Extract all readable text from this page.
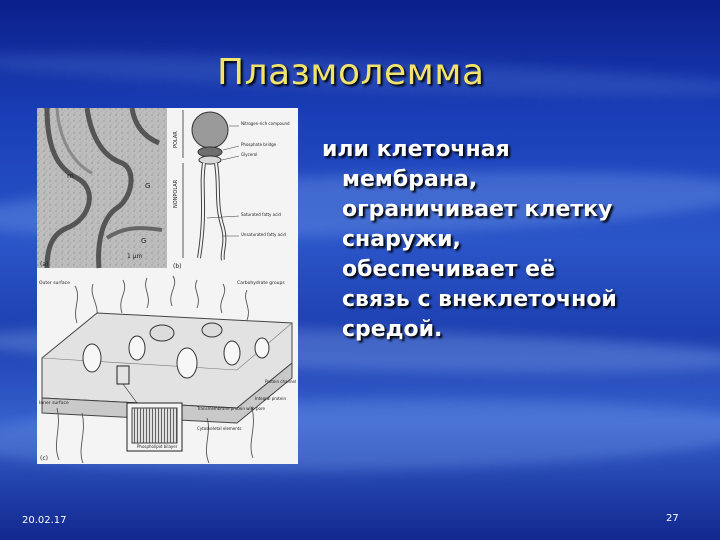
Плазмолемма
G
m
G
1 μm
(a)
POLAR
NONPOLAR
Nitrogen-rich compound
Phosphate bridge
Glycerol
Saturated fatty acid
Unsaturated fatty acid
(b)
Outer surface	Carbohydrate groups
Protein channel
Inner surface
Transmembrane protein with pore
Cytoskeletal elements
Integral protein
Phospholipid bilayer
(c)
или клеточная
мембрана,
ограничивает клетку
снаружи,
обеспечивает её
связь с внеклеточной
средой.
20.02.17	27
